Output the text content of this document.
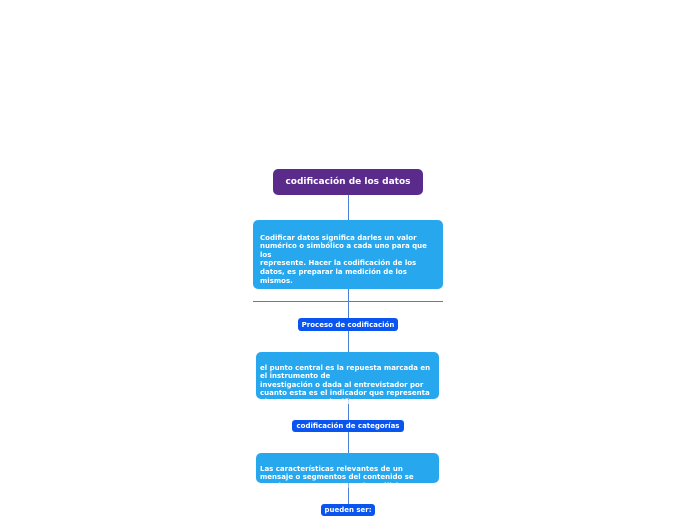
codificación de los datos

Codificar datos significa darles un valor
numérico o simbólico a cada uno para que
los
represente. Hacer la codificación de los
datos, es preparar la medición de los
mismos.

Proceso de codificación

el punto central es la repuesta marcada en
el instrumento de
investigación o dada al entrevistador por
cuanto esta es el indicador que representa
el concepto que significa.

codificación de categorías

Las características relevantes de un
mensaje o segmentos del contenido se
convierten en UNIDADES de análisis.

pueden ser:
